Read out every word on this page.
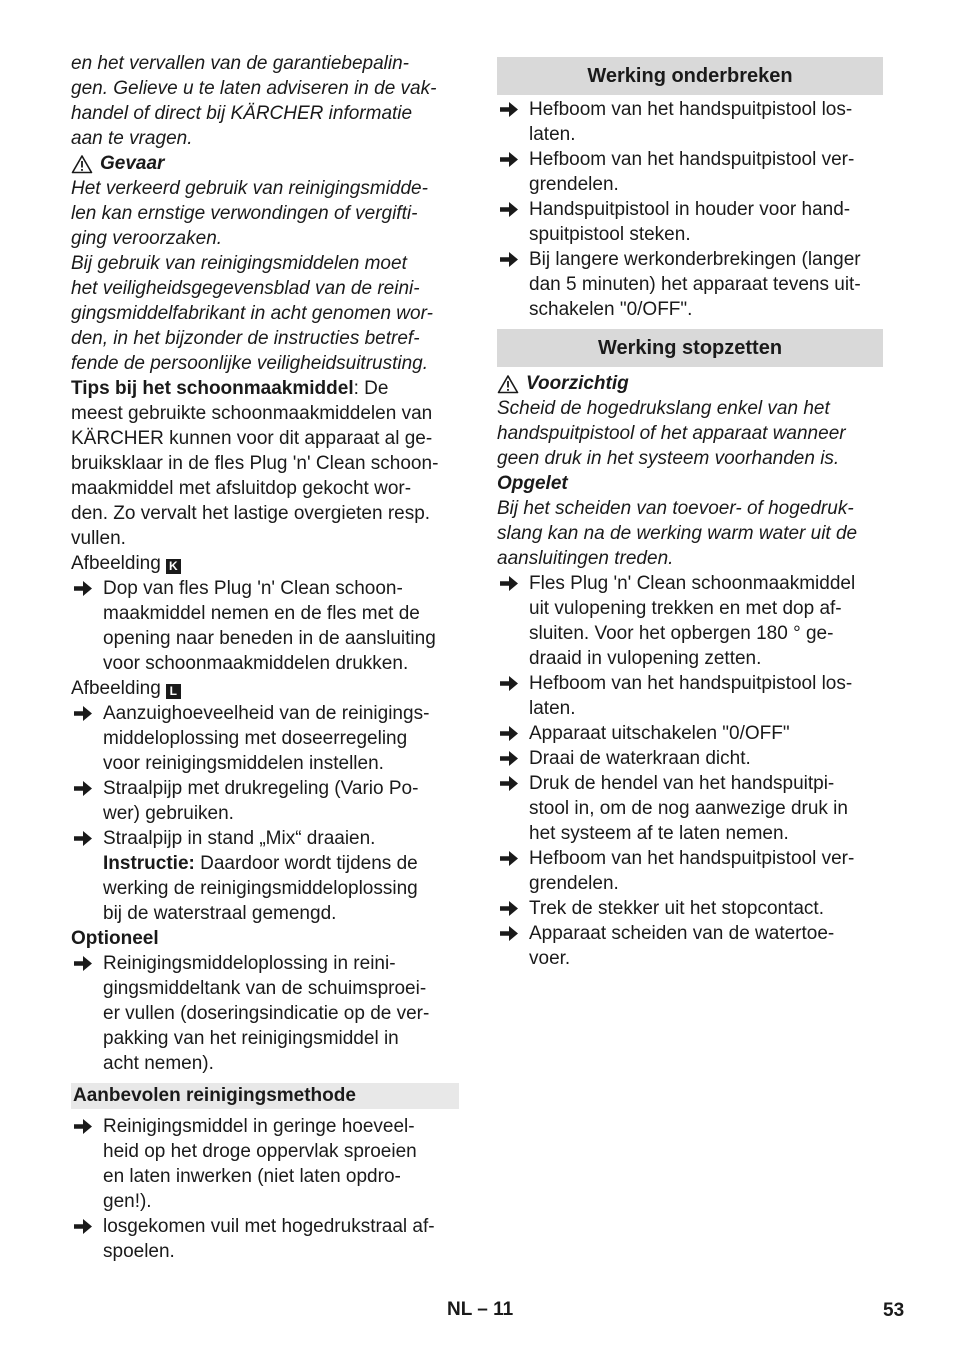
en het vervallen van de garantiebepalin-

gen. Gelieve u te laten adviseren in de vak-

handel of direct bij KÄRCHER informatie

aan te vragen.

Gevaar

Het verkeerd gebruik van reinigingsmidde-

len kan ernstige verwondingen of vergifti-

ging veroorzaken.

Bij gebruik van reinigingsmiddelen moet

het veiligheidsgegevensblad van de reini-

gingsmiddelfabrikant in acht genomen wor-

den, in het bijzonder de instructies betref-

fende de persoonlijke veiligheidsuitrusting.

Tips bij het schoonmaakmiddel: De

meest gebruikte schoonmaakmiddelen van

KÄRCHER kunnen voor dit apparaat al ge-

bruiksklaar in de fles Plug 'n' Clean schoon-

maakmiddel met afsluitdop gekocht wor-

den. Zo vervalt het lastige overgieten resp.

vullen.

Afbeelding K

Dop van fles Plug 'n' Clean schoon-

maakmiddel nemen en de fles met de

opening naar beneden in de aansluiting

voor schoonmaakmiddelen drukken.

Afbeelding L

Aanzuighoeveelheid van de reinigings-

middeloplossing met doseerregeling

voor reinigingsmiddelen instellen.

Straalpijp met drukregeling (Vario Po-

wer) gebruiken.

Straalpijp in stand „Mix“ draaien.

Instructie: Daardoor wordt tijdens de

werking de reinigingsmiddeloplossing

bij de waterstraal gemengd.

Optioneel

Reinigingsmiddeloplossing in reini-

gingsmiddeltank van de schuimsproei-

er vullen (doseringsindicatie op de ver-

pakking van het reinigingsmiddel in

acht nemen).

Aanbevolen reinigingsmethode

Reinigingsmiddel in geringe hoeveel-

heid op het droge oppervlak sproeien

en laten inwerken (niet laten opdro-

gen!).

losgekomen vuil met hogedrukstraal af-

spoelen.

Werking onderbreken

Hefboom van het handspuitpistool los-

laten.

Hefboom van het handspuitpistool ver-

grendelen.

Handspuitpistool in houder voor hand-

spuitpistool steken.

Bij langere werkonderbrekingen (langer

dan 5 minuten) het apparaat tevens uit-

schakelen "0/OFF".

Werking stopzetten
Voorzichtig

Scheid de hogedrukslang enkel van het

handspuitpistool of het apparaat wanneer

geen druk in het systeem voorhanden is.

Opgelet

Bij het scheiden van toevoer- of hogedruk-

slang kan na de werking warm water uit de

aansluitingen treden.

Fles Plug 'n' Clean schoonmaakmiddel

uit vulopening trekken en met dop af-

sluiten. Voor het opbergen 180 ° ge-

draaid in vulopening zetten.

Hefboom van het handspuitpistool los-

laten.

Apparaat uitschakelen "0/OFF"

Draai de waterkraan dicht.

Druk de hendel van het handspuitpi-

stool in, om de nog aanwezige druk in

het systeem af te laten nemen.

Hefboom van het handspuitpistool ver-

grendelen.

Trek de stekker uit het stopcontact.

Apparaat scheiden van de watertoe-

voer.

NL – 11	53
